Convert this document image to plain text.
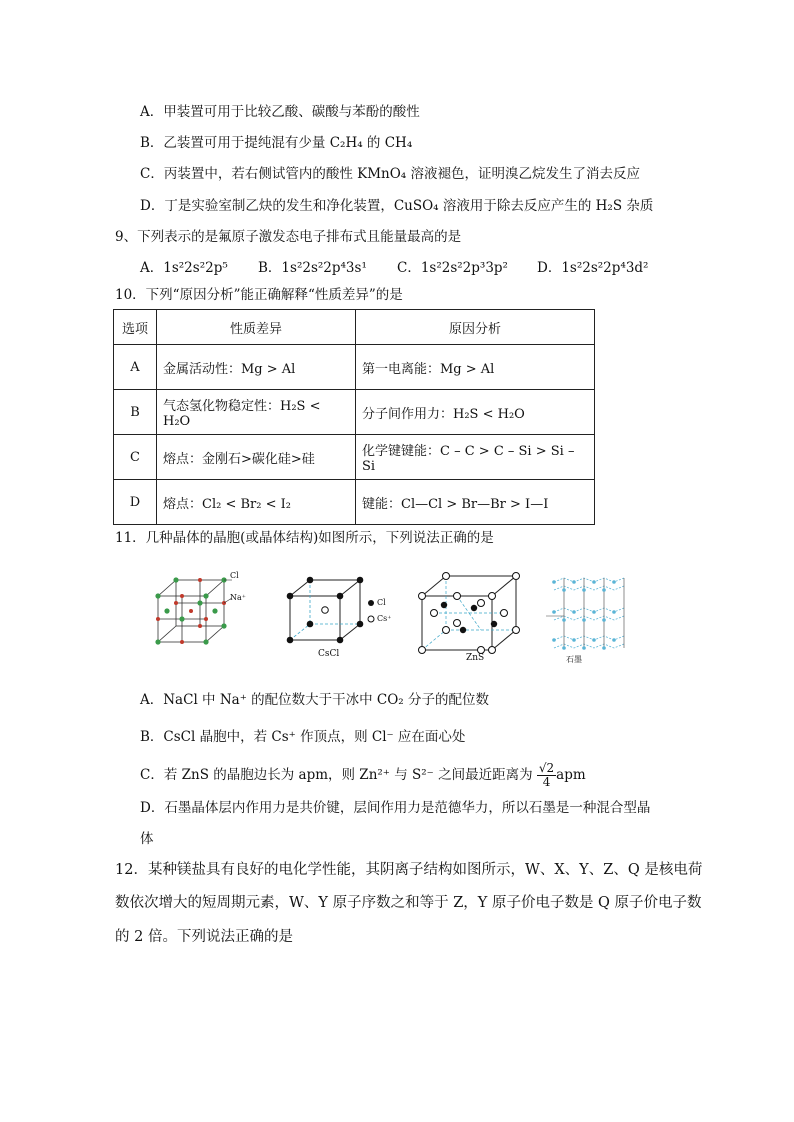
A．甲装置可用于比较乙酸、碳酸与苯酚的酸性
B．乙装置可用于提纯混有少量 C₂H₄ 的 CH₄
C．丙装置中，若右侧试管内的酸性 KMnO₄ 溶液褪色，证明溴乙烷发生了消去反应
D．丁是实验室制乙炔的发生和净化装置，CuSO₄ 溶液用于除去反应产生的 H₂S 杂质
9、下列表示的是氟原子激发态电子排布式且能量最高的是
A．1s²2s²2p⁵ B．1s²2s²2p⁴3s¹ C．1s²2s²2p³3p² D．1s²2s²2p⁴3d²
10．下列“原因分析”能正确解释“性质差异”的是
选项	性质差异	原因分析
A	金属活动性：Mg > Al	第一电离能：Mg > Al
B	气态氢化物稳定性：H₂S < H₂O	分子间作用力：H₂S < H₂O
C	熔点：金刚石>碳化硅>硅	化学键键能：C – C > C – Si > Si – Si
D	熔点：Cl₂ < Br₂ < I₂	键能：Cl—Cl > Br—Br > I—I
11．几种晶体的晶胞(或晶体结构)如图所示，下列说法正确的是
Cl
Na⁺
Cl
Cs⁺
CsCl	ZnS	石墨
A．NaCl 中 Na⁺ 的配位数大于干冰中 CO₂ 分子的配位数
B．CsCl 晶胞中，若 Cs⁺ 作顶点，则 Cl⁻ 应在面心处
C．若 ZnS 的晶胞边长为 apm，则 Zn²⁺ 与 S²⁻ 之间最近距离为 $\frac{√2}{4}apm$
D．石墨晶体层内作用力是共价键，层间作用力是范德华力，所以石墨是一种混合型晶
体
12．某种镁盐具有良好的电化学性能，其阴离子结构如图所示，W、X、Y、Z、Q 是核电荷
数依次增大的短周期元素，W、Y 原子序数之和等于 Z，Y 原子价电子数是 Q 原子价电子数
的 2 倍。下列说法正确的是
